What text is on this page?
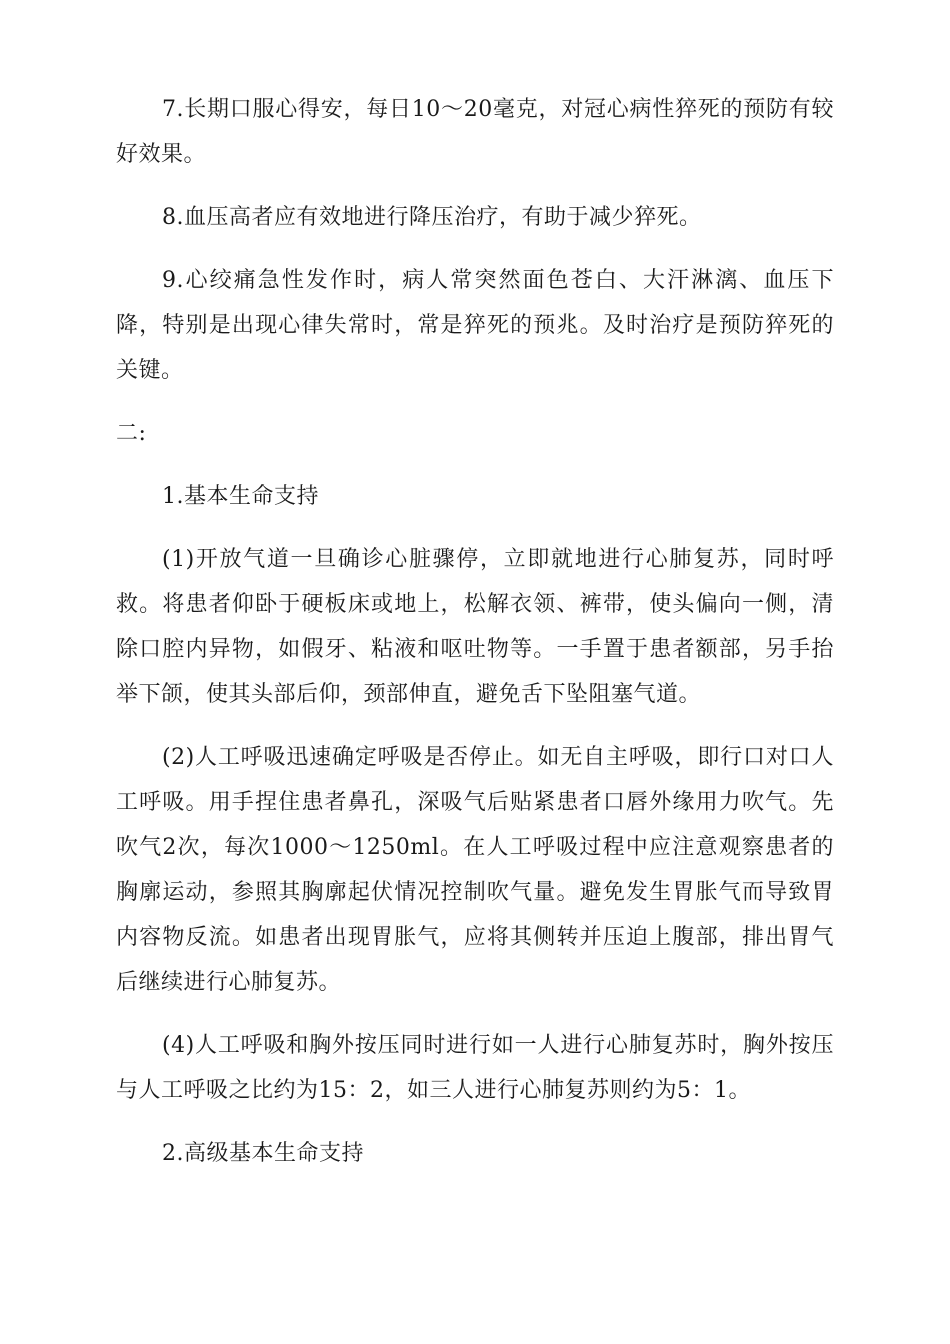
7.长期口服心得安，每日10～20毫克，对冠心病性猝死的预防有较好效果。

8.血压高者应有效地进行降压治疗，有助于减少猝死。

9.心绞痛急性发作时，病人常突然面色苍白、大汗淋漓、血压下降，特别是出现心律失常时，常是猝死的预兆。及时治疗是预防猝死的关键。

二:

1.基本生命支持

(1)开放气道一旦确诊心脏骤停，立即就地进行心肺复苏，同时呼救。将患者仰卧于硬板床或地上，松解衣领、裤带，使头偏向一侧，清除口腔内异物，如假牙、粘液和呕吐物等。一手置于患者额部，另手抬举下颌，使其头部后仰，颈部伸直，避免舌下坠阻塞气道。

(2)人工呼吸迅速确定呼吸是否停止。如无自主呼吸，即行口对口人工呼吸。用手捏住患者鼻孔，深吸气后贴紧患者口唇外缘用力吹气。先吹气2次，每次1000～1250ml。在人工呼吸过程中应注意观察患者的胸廓运动，参照其胸廓起伏情况控制吹气量。避免发生胃胀气而导致胃内容物反流。如患者出现胃胀气，应将其侧转并压迫上腹部，排出胃气后继续进行心肺复苏。

(4)人工呼吸和胸外按压同时进行如一人进行心肺复苏时，胸外按压与人工呼吸之比约为15：2，如三人进行心肺复苏则约为5：1。

2.高级基本生命支持
